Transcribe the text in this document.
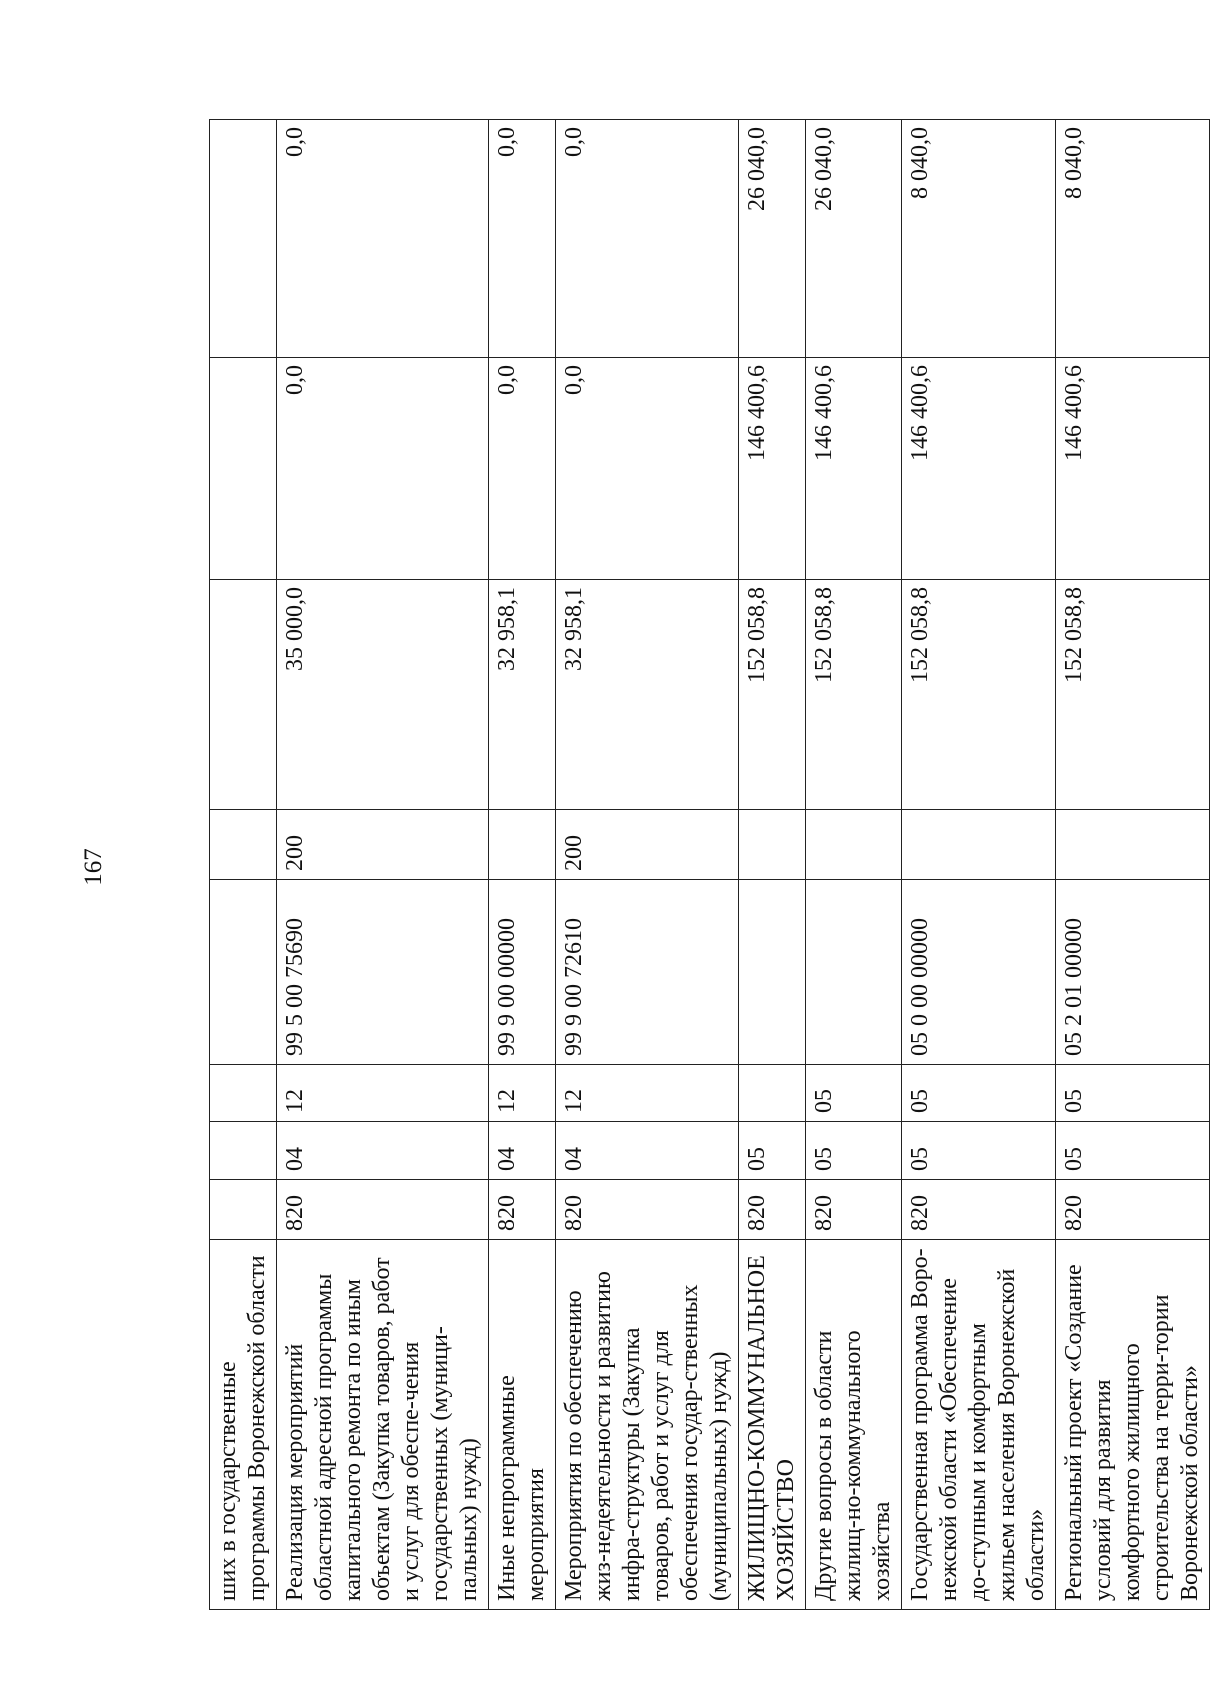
167
ших в государственные программы Воронежской области								
Реализация мероприятий областной адресной программы капитального ремонта по иным объектам (Закупка товаров, работ и услуг для обеспе-чения государственных (муници-пальных) нужд)	820	04	12	99 5 00 75690	200	35 000,0	0,0	0,0
Иные непрограммные мероприятия	820	04	12	99 9 00 00000		32 958,1	0,0	0,0
Мероприятия по обеспечению жиз-недеятельности и развитию инфра-структуры (Закупка товаров, работ и услуг для обеспечения государ-ственных (муниципальных) нужд)	820	04	12	99 9 00 72610	200	32 958,1	0,0	0,0
ЖИЛИЩНО-КОММУНАЛЬНОЕ ХОЗЯЙСТВО	820	05				152 058,8	146 400,6	26 040,0
Другие вопросы в области жилищ-но-коммунального хозяйства	820	05	05			152 058,8	146 400,6	26 040,0
Государственная программа Воро-нежской области «Обеспечение до-ступным и комфортным жильем населения Воронежской области»	820	05	05	05 0 00 00000		152 058,8	146 400,6	8 040,0
Региональный проект «Создание условий для развития комфортного жилищного строительства на терри-тории Воронежской области»	820	05	05	05 2 01 00000		152 058,8	146 400,6	8 040,0
